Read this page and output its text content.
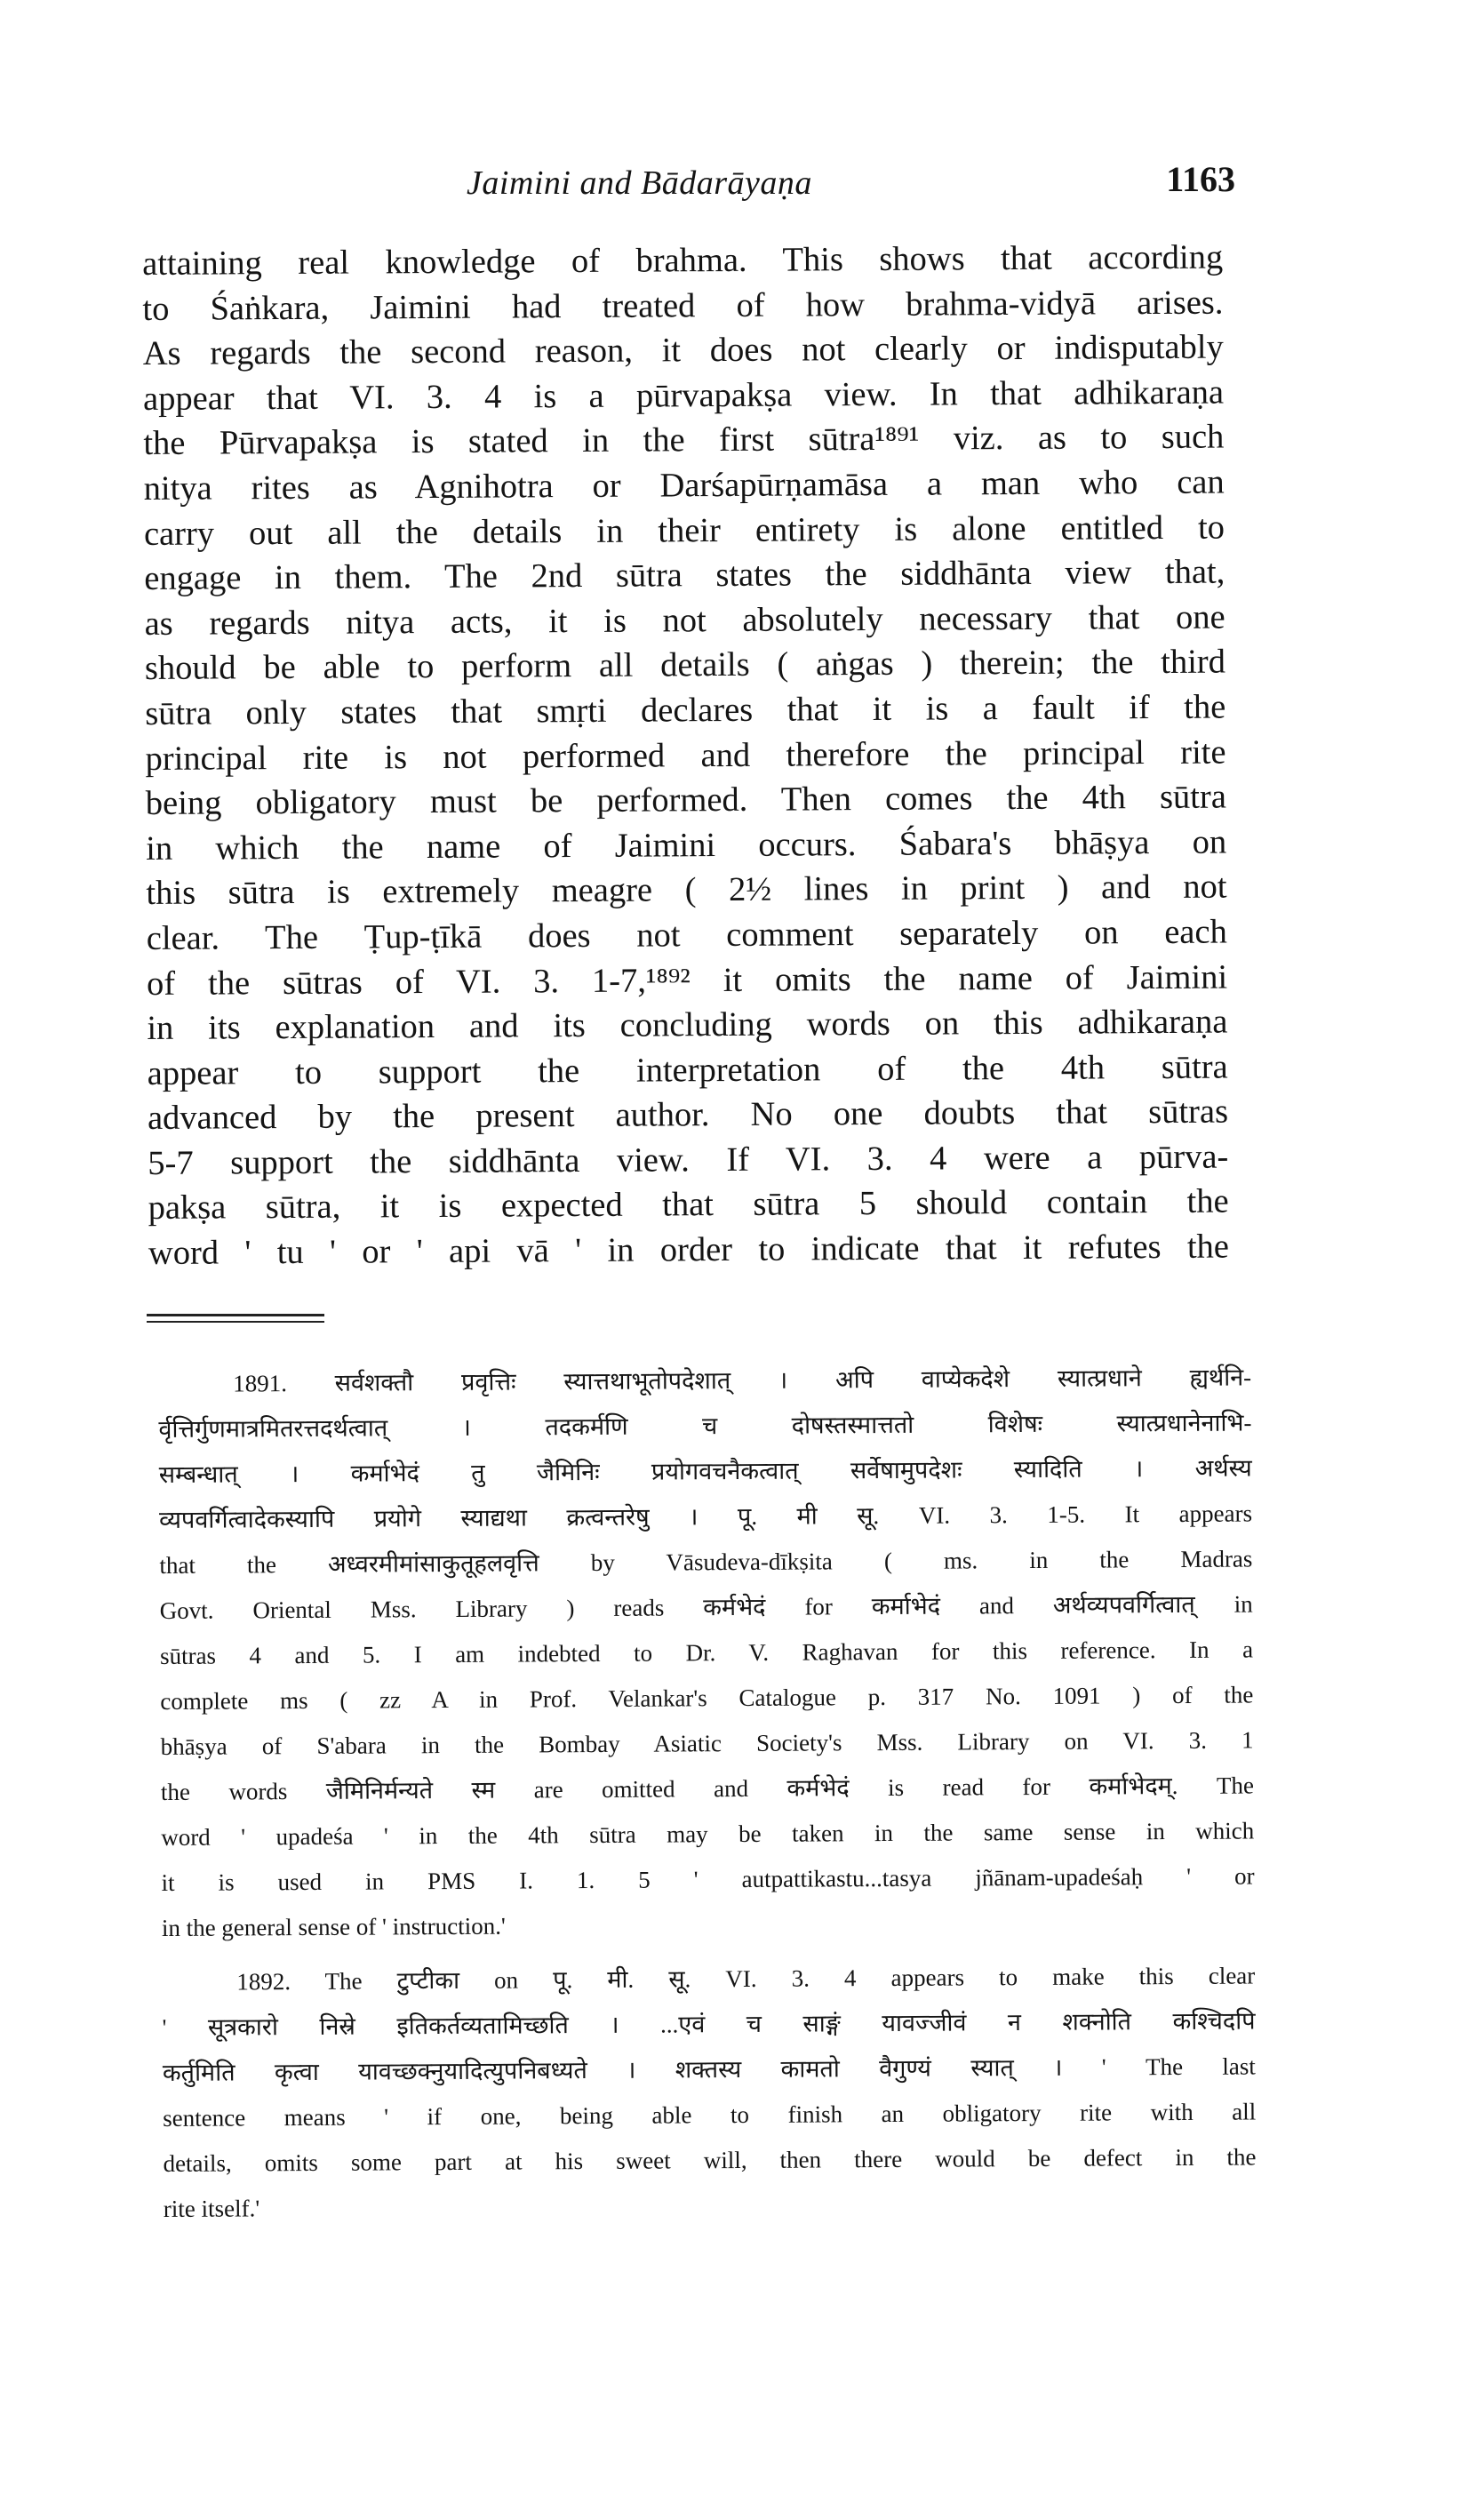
Jaimini and Bādarāyaṇa	1163
attaining real knowledge of brahma. This shows that according
to Śaṅkara, Jaimini had treated of how brahma-vidyā arises.
As regards the second reason, it does not clearly or indisputably
appear that VI. 3. 4 is a pūrvapakṣa view. In that adhikaraṇa
the Pūrvapakṣa is stated in the first sūtra¹⁸⁹¹ viz. as to such
nitya rites as Agnihotra or Darśapūrṇamāsa a man who can
carry out all the details in their entirety is alone entitled to
engage in them. The 2nd sūtra states the siddhānta view that,
as regards nitya acts, it is not absolutely necessary that one
should be able to perform all details ( aṅgas ) therein; the third
sūtra only states that smṛti declares that it is a fault if the
principal rite is not performed and therefore the principal rite
being obligatory must be performed. Then comes the 4th sūtra
in which the name of Jaimini occurs. Śabara's bhāṣya on
this sūtra is extremely meagre ( 2½ lines in print ) and not
clear. The Ṭup-ṭīkā does not comment separately on each
of the sūtras of VI. 3. 1-7,¹⁸⁹² it omits the name of Jaimini
in its explanation and its concluding words on this adhikaraṇa
appear to support the interpretation of the 4th sūtra
advanced by the present author. No one doubts that sūtras
5-7 support the siddhānta view. If VI. 3. 4 were a pūrva-
pakṣa sūtra, it is expected that sūtra 5 should contain the
word ' tu ' or ' api vā ' in order to indicate that it refutes the
1891. सर्वशक्तौ प्रवृत्तिः स्यात्तथाभूतोपदेशात् । अपि वाप्येकदेशे स्यात्प्रधाने ह्यर्थनि-
र्वृत्तिर्गुणमात्रमितरत्तदर्थत्वात् । तदकर्मणि च दोषस्तस्मात्ततो विशेषः स्यात्प्रधानेनाभि-
सम्बन्धात् । कर्माभेदं तु जैमिनिः प्रयोगवचनैकत्वात् सर्वेषामुपदेशः स्यादिति । अर्थस्य
व्यपवर्गित्वादेकस्यापि प्रयोगे स्याद्यथा क्रत्वन्तरेषु । पू. मी सू. VI. 3. 1-5. It appears
that the अध्वरमीमांसाकुतूहलवृत्ति by Vāsudeva-dīkṣita ( ms. in the Madras
Govt. Oriental Mss. Library ) reads कर्मभेदं for कर्माभेदं and अर्थव्यपवर्गित्वात् in
sūtras 4 and 5. I am indebted to Dr. V. Raghavan for this reference. In a
complete ms ( zz A in Prof. Velankar's Catalogue p. 317 No. 1091 ) of the
bhāṣya of S'abara in the Bombay Asiatic Society's Mss. Library on VI. 3. 1
the words जैमिनिर्मन्यते स्म are omitted and कर्मभेदं is read for कर्माभेदम्. The
word ' upadeśa ' in the 4th sūtra may be taken in the same sense in which
it is used in PMS I. 1. 5 ' autpattikastu...tasya jñānam-upadeśaḥ ' or
in the general sense of ' instruction.'
1892. The टुप्टीका on पू. मी. सू. VI. 3. 4 appears to make this clear
' सूत्रकारो निस्रे इतिकर्तव्यतामिच्छति । ...एवं च साङ्गं यावज्जीवं न शक्नोति कश्चिदपि
कर्तुमिति कृत्वा यावच्छक्नुयादित्युपनिबध्यते । शक्तस्य कामतो वैगुण्यं स्यात् । ' The last
sentence means ' if one, being able to finish an obligatory rite with all
details, omits some part at his sweet will, then there would be defect in the
rite itself.'
